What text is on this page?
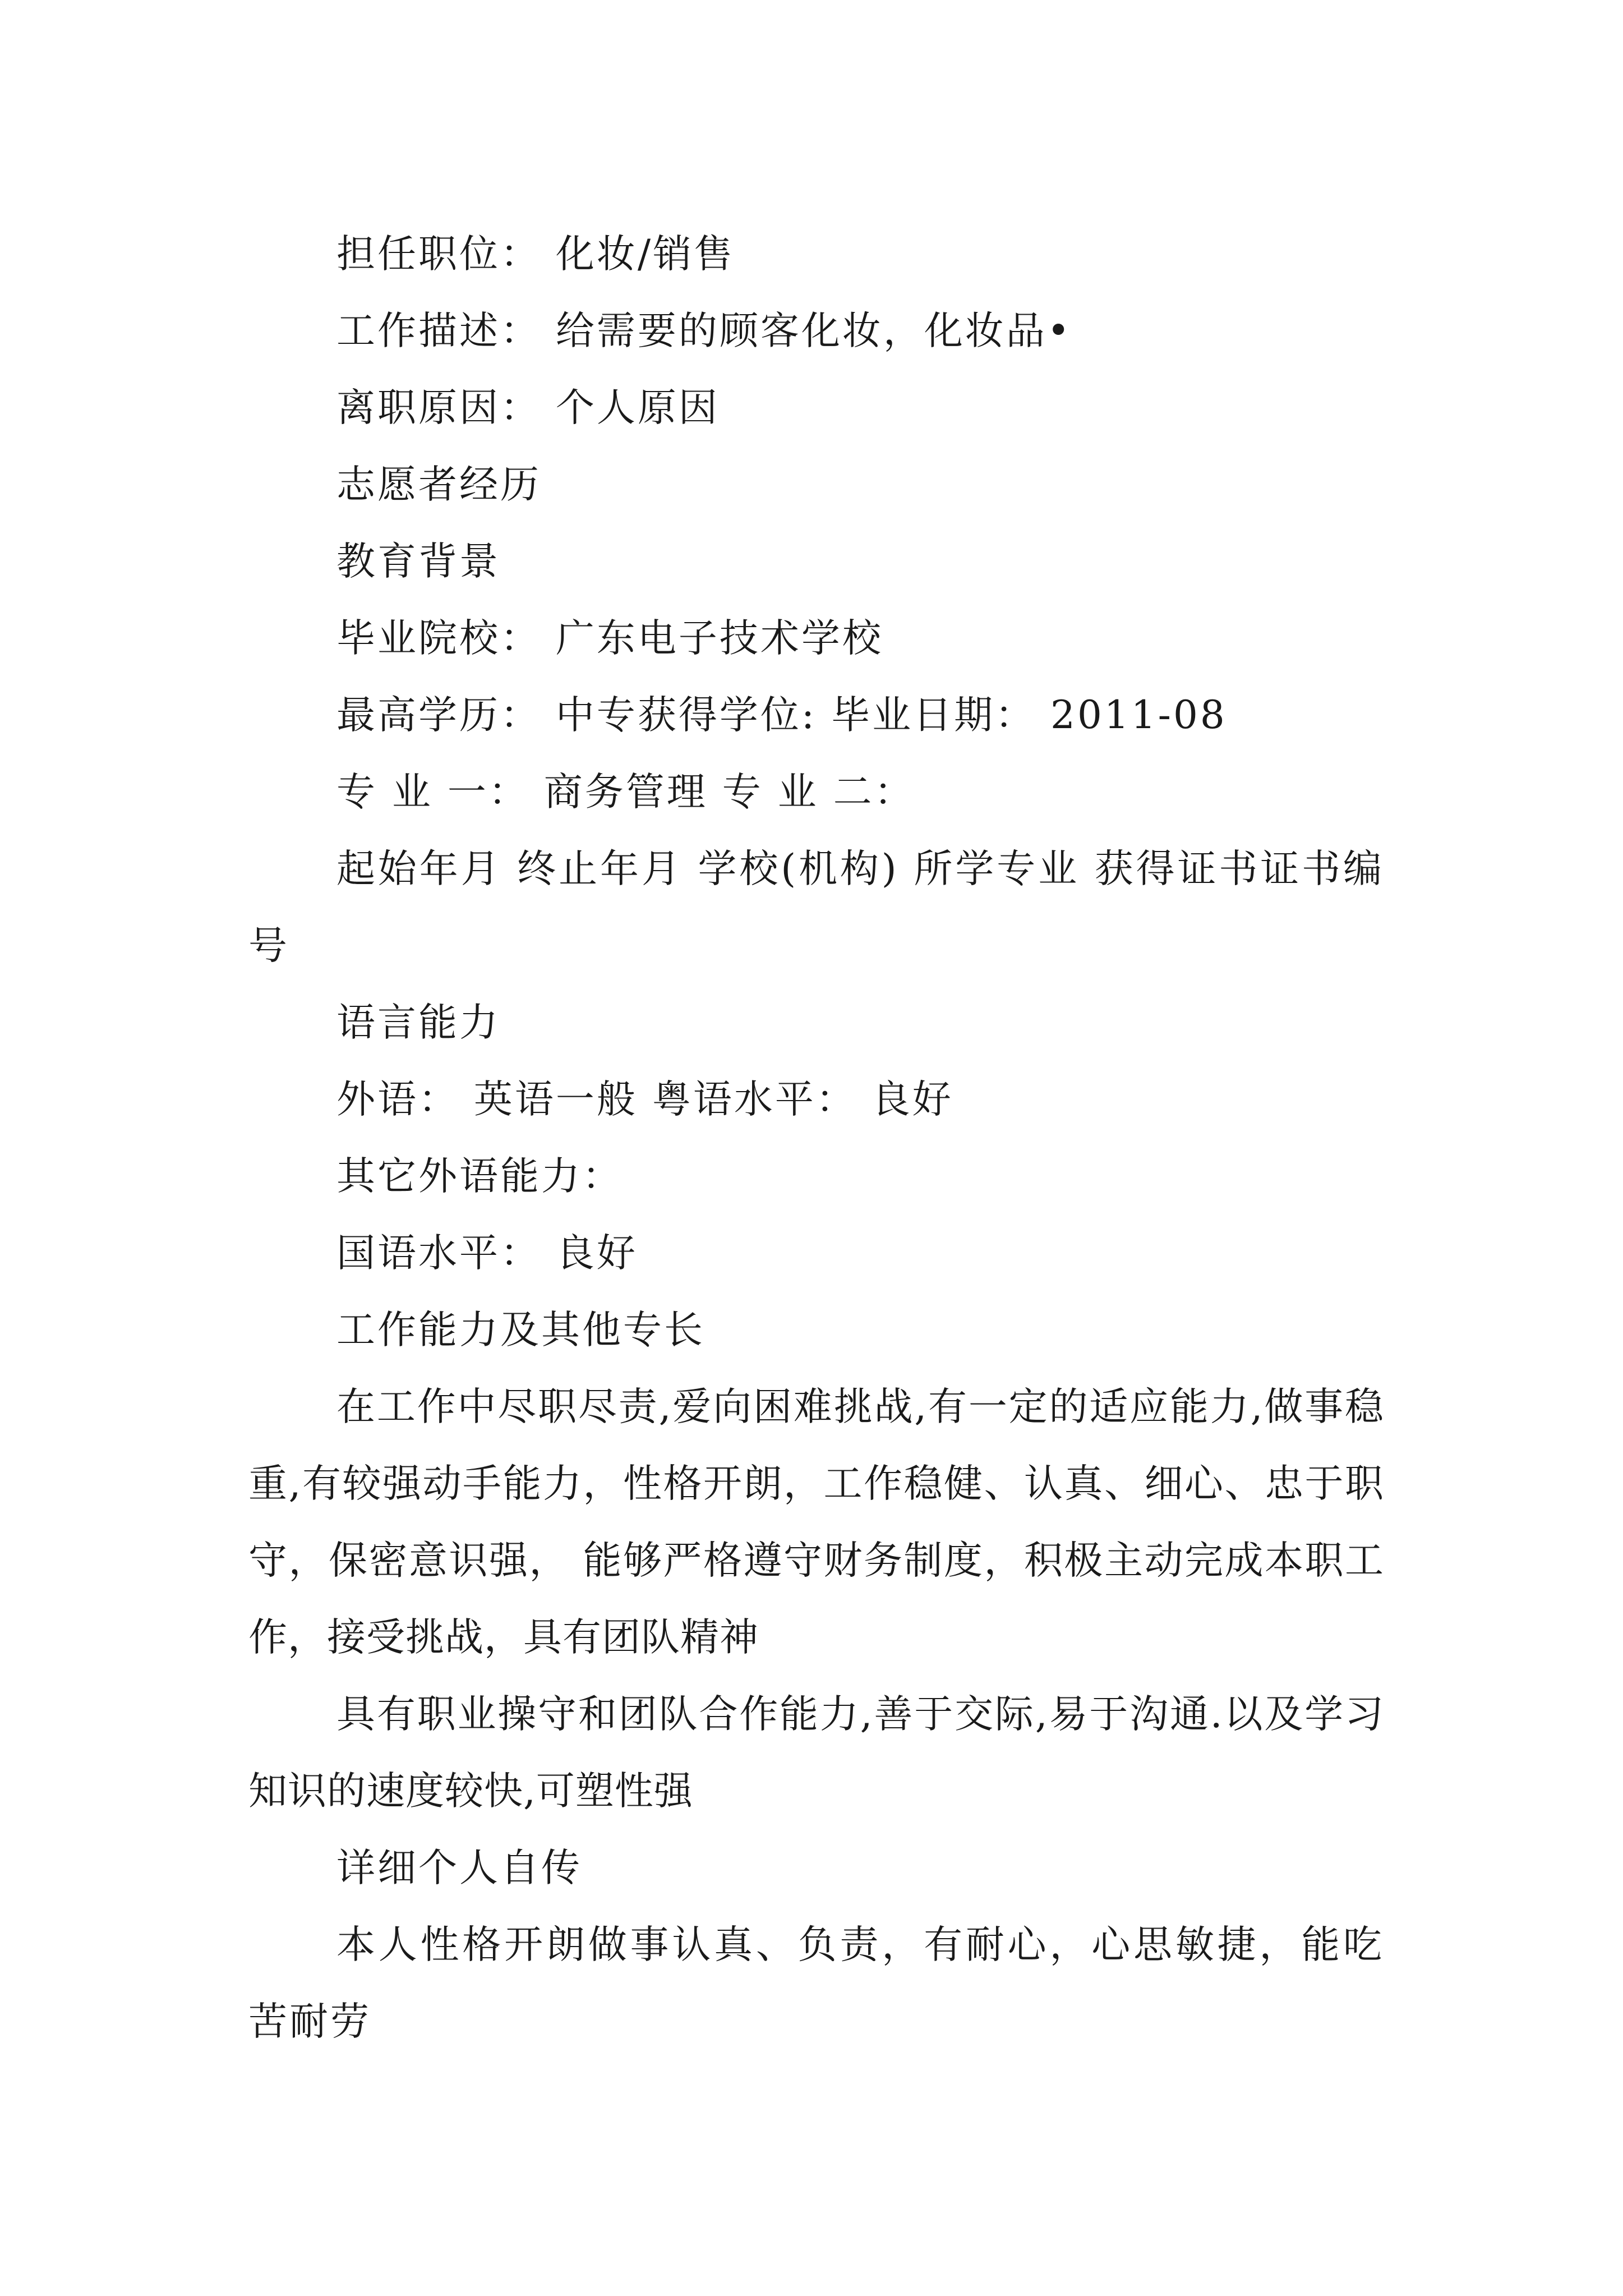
担任职位： 化妆/销售

工作描述： 给需要的顾客化妆，化妆品•

离职原因： 个人原因

志愿者经历

教育背景

毕业院校： 广东电子技术学校

最高学历： 中专获得学位: 毕业日期： 2011-08

专 业 一： 商务管理 专 业 二：

起始年月 终止年月 学校(机构) 所学专业 获得证书证书编号

语言能力

外语： 英语一般 粤语水平： 良好

其它外语能力：

国语水平： 良好

工作能力及其他专长

在工作中尽职尽责,爱向困难挑战,有一定的适应能力,做事稳重,有较强动手能力，性格开朗，工作稳健、认真、细心、忠于职守，保密意识强， 能够严格遵守财务制度，积极主动完成本职工作，接受挑战，具有团队精神

具有职业操守和团队合作能力,善于交际,易于沟通.以及学习知识的速度较快,可塑性强

详细个人自传

本人性格开朗做事认真、负责，有耐心，心思敏捷，能吃苦耐劳
